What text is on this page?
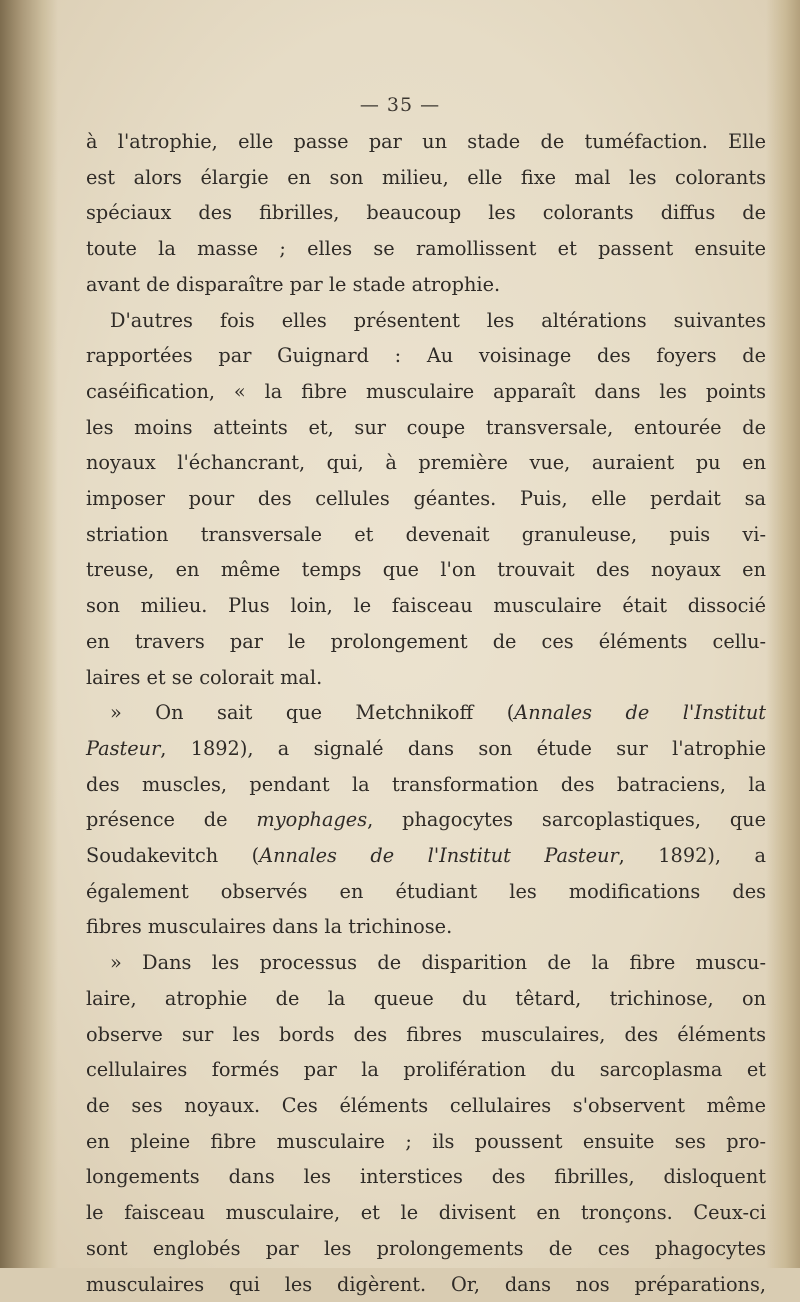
— 35 —
à l'atrophie, elle passe par un stade de tuméfaction. Elle
est alors élargie en son milieu, elle fixe mal les colorants
spéciaux des fibrilles, beaucoup les colorants diffus de
toute la masse ; elles se ramollissent et passent ensuite
avant de disparaître par le stade atrophie.
D'autres fois elles présentent les altérations suivantes
rapportées par Guignard : Au voisinage des foyers de
caséification, « la fibre musculaire apparaît dans les points
les moins atteints et, sur coupe transversale, entourée de
noyaux l'échancrant, qui, à première vue, auraient pu en
imposer pour des cellules géantes. Puis, elle perdait sa
striation transversale et devenait granuleuse, puis vi-
treuse, en même temps que l'on trouvait des noyaux en
son milieu. Plus loin, le faisceau musculaire était dissocié
en travers par le prolongement de ces éléments cellu-
laires et se colorait mal.
» On sait que Metchnikoff (Annales de l'Institut
Pasteur, 1892), a signalé dans son étude sur l'atrophie
des muscles, pendant la transformation des batraciens, la
présence de myophages, phagocytes sarcoplastiques, que
Soudakevitch (Annales de l'Institut Pasteur, 1892), a
également observés en étudiant les modifications des
fibres musculaires dans la trichinose.
» Dans les processus de disparition de la fibre muscu-
laire, atrophie de la queue du têtard, trichinose, on
observe sur les bords des fibres musculaires, des éléments
cellulaires formés par la prolifération du sarcoplasma et
de ses noyaux. Ces éléments cellulaires s'observent même
en pleine fibre musculaire ; ils poussent ensuite ses pro-
longements dans les interstices des fibrilles, disloquent
le faisceau musculaire, et le divisent en tronçons. Ceux-ci
sont englobés par les prolongements de ces phagocytes
musculaires qui les digèrent. Or, dans nos préparations,
